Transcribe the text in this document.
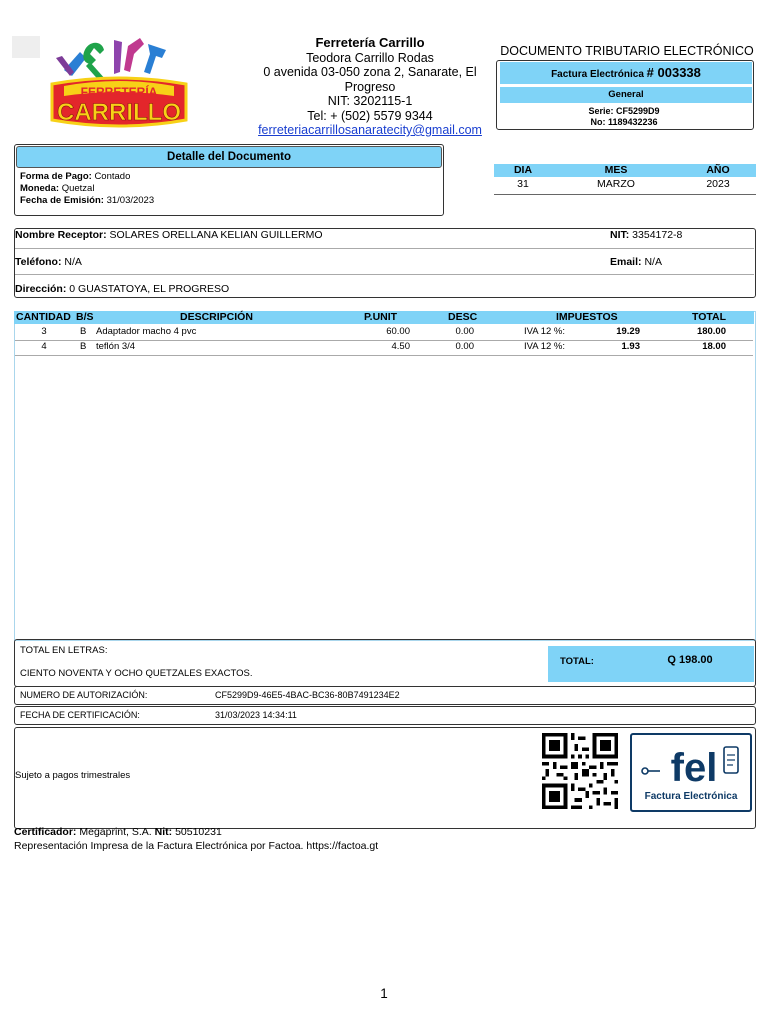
FERRETERÍA
CARRILLO
Ferretería Carrillo
Teodora Carrillo Rodas
0 avenida 03-050 zona 2, Sanarate, El
Progreso
NIT: 3202115-1
Tel: + (502) 5579 9344
ferreteriacarrillosanaratecity@gmail.com
DOCUMENTO TRIBUTARIO ELECTRÓNICO
Factura Electrónica # 003338
General
Serie: CF5299D9
No: 1189432236
Detalle del Documento
Forma de Pago: Contado
Moneda: Quetzal
Fecha de Emisión: 31/03/2023
DIA	MES	AÑO
31	MARZO	2023
Nombre Receptor: SOLARES ORELLANA KELIAN GUILLERMO	NIT: 3354172-8
Teléfono: N/A	Email: N/A
Dirección: 0 GUASTATOYA, EL PROGRESO
CANTIDAD B/S	DESCRIPCIÓN	P.UNIT	DESC	IMPUESTOS	TOTAL
3	B Adaptador macho 4 pvc	60.00	0.00	IVA 12 %:	19.29	180.00
4	B teflón 3/4	4.50	0.00	IVA 12 %:	1.93	18.00
TOTAL EN LETRAS:
CIENTO NOVENTA Y OCHO QUETZALES EXACTOS.
TOTAL:	Q 198.00
NUMERO DE AUTORIZACIÓN:	CF5299D9-46E5-4BAC-BC36-80B7491234E2
FECHA DE CERTIFICACIÓN:	31/03/2023 14:34:11
Sujeto a pagos trimestrales	fel
Factura Electrónica
Certificador: Megaprint, S.A. Nit: 50510231
Representación Impresa de la Factura Electrónica por Factoa. https://factoa.gt
1
